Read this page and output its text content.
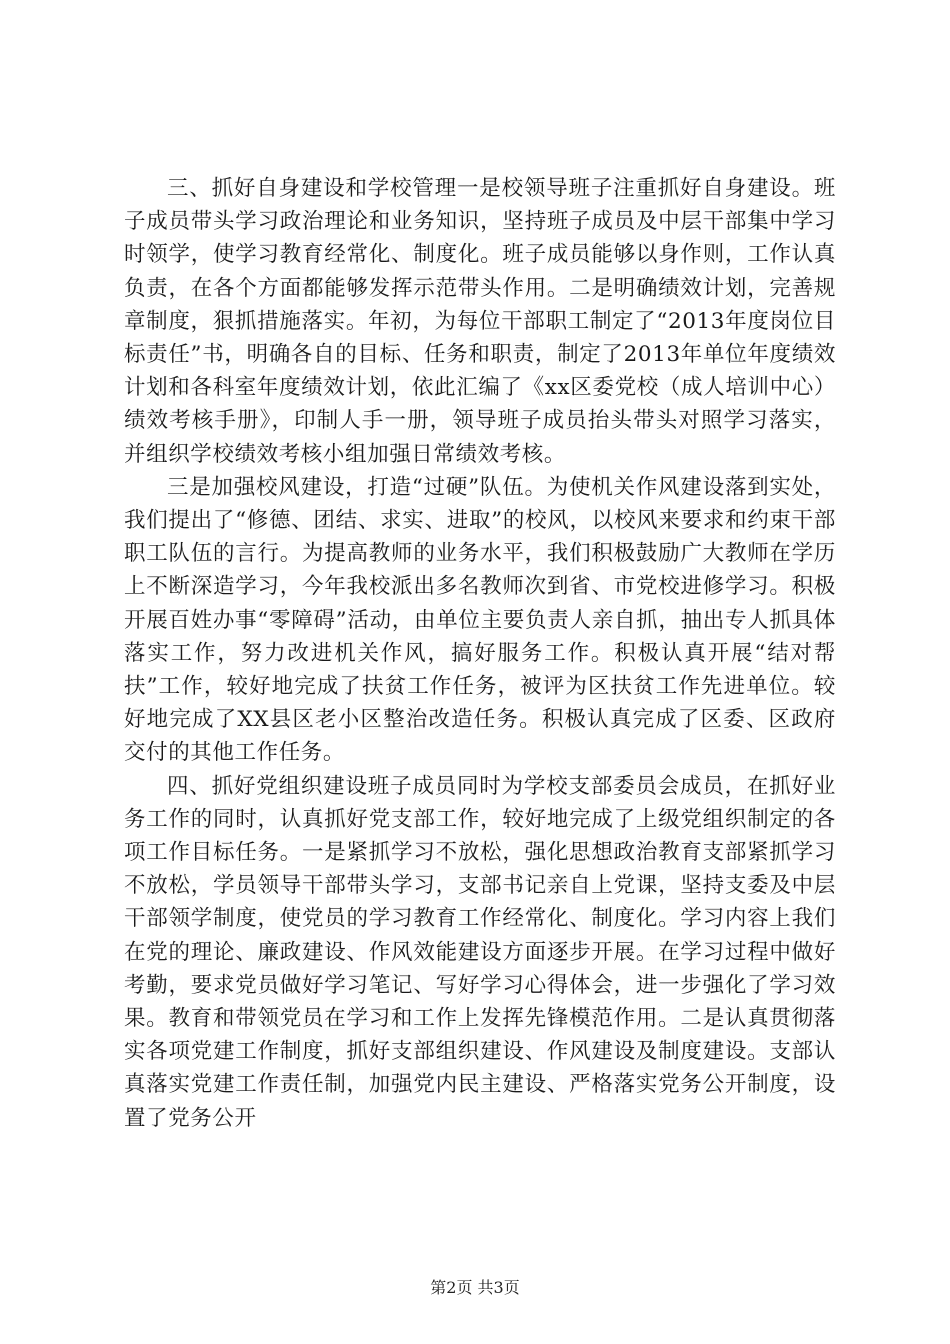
三、抓好自身建设和学校管理一是校领导班子注重抓好自身建设。班子成员带头学习政治理论和业务知识，坚持班子成员及中层干部集中学习时领学，使学习教育经常化、制度化。班子成员能够以身作则，工作认真负责，在各个方面都能够发挥示范带头作用。二是明确绩效计划，完善规章制度，狠抓措施落实。年初，为每位干部职工制定了“2013年度岗位目标责任”书，明确各自的目标、任务和职责，制定了2013年单位年度绩效计划和各科室年度绩效计划，依此汇编了《xx区委党校（成人培训中心）绩效考核手册》，印制人手一册，领导班子成员抬头带头对照学习落实，并组织学校绩效考核小组加强日常绩效考核。

三是加强校风建设，打造“过硬”队伍。为使机关作风建设落到实处，我们提出了“修德、团结、求实、进取”的校风，以校风来要求和约束干部职工队伍的言行。为提高教师的业务水平，我们积极鼓励广大教师在学历上不断深造学习，今年我校派出多名教师次到省、市党校进修学习。积极开展百姓办事“零障碍”活动，由单位主要负责人亲自抓，抽出专人抓具体落实工作，努力改进机关作风，搞好服务工作。积极认真开展“结对帮扶”工作，较好地完成了扶贫工作任务，被评为区扶贫工作先进单位。较好地完成了XX县区老小区整治改造任务。积极认真完成了区委、区政府交付的其他工作任务。

四、抓好党组织建设班子成员同时为学校支部委员会成员，在抓好业务工作的同时，认真抓好党支部工作，较好地完成了上级党组织制定的各项工作目标任务。一是紧抓学习不放松，强化思想政治教育支部紧抓学习不放松，学员领导干部带头学习，支部书记亲自上党课，坚持支委及中层干部领学制度，使党员的学习教育工作经常化、制度化。学习内容上我们在党的理论、廉政建设、作风效能建设方面逐步开展。在学习过程中做好考勤，要求党员做好学习笔记、写好学习心得体会，进一步强化了学习效果。教育和带领党员在学习和工作上发挥先锋模范作用。二是认真贯彻落实各项党建工作制度，抓好支部组织建设、作风建设及制度建设。支部认真落实党建工作责任制，加强党内民主建设、严格落实党务公开制度，设置了党务公开

第2页 共3页
